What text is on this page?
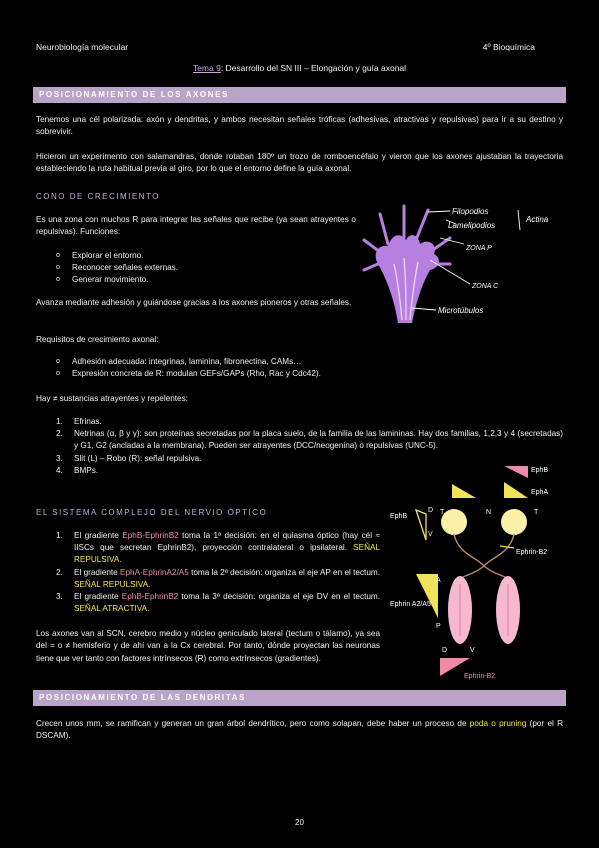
Neurobiología molecular	4º Bioquímica
Tema 9: Desarrollo del SN III – Elongación y guía axonal
POSICIONAMIENTO DE LOS AXONES
Tenemos una cél polarizada: axón y dendritas, y ambos necesitan señales tróficas (adhesivas, atractivas y repulsivas) para ir a su destino y sobrevivir.
Hicieron un experimento con salamandras, donde rotaban 180º un trozo de romboencéfalo y vieron que los axones ajustaban la trayectoria estableciendo la ruta habitual previa al giro, por lo que el entorno define la guía axonal.
CONO DE CRECIMIENTO
Es una zona con muchos R para integrar las señales que recibe (ya sean atrayentes o repulsivas). Funciones:
o Explorar el entorno.
o Reconocer señales externas.
o Generar movimiento.
Avanza mediante adhesión y guiándose gracias a los axones pioneros y otras señales.
Requisitos de crecimiento axonal:
o Adhesión adecuada: integrinas, laminina, fibronectina, CAMs…
o Expresión concreta de R: modulan GEFs/GAPs (Rho, Rac y Cdc42).
Hay ≠ sustancias atrayentes y repelentes:
1. Efrinas.
2. Netrinas (α, β y γ): son proteínas secretadas por la placa suelo, de la familia de las lamininas. Hay dos familias, 1,2,3 y 4 (secretadas) y G1, G2 (ancladas a la membrana). Pueden ser atrayentes (DCC/neogenina) o repulsivas (UNC-5).
3. Slit (L) – Robo (R): señal repulsiva.
4. BMPs.
Filopodios
Lamelipodios
Actina
ZONA P
ZONA C
Microtúbulos
EL SISTEMA COMPLEJO DEL NERVIO ÓPTICO
1. El gradiente EphB-EphrinB2 toma la 1ª decisión: en el quiasma óptico (hay cél ≈ IISCs que secretan EphrinB2), proyección contralateral o ipsilateral. SEÑAL REPULSIVA.
2. El gradiente EphA-EphrinA2/A5 toma la 2ª decisión: organiza el eje AP en el tectum. SEÑAL REPULSIVA.
3. El gradiente EphB-EphrinB2 toma la 3ª decisión: organiza el eje DV en el tectum. SEÑAL ATRACTIVA.
Los axones van al SCN, cerebro medio y núcleo geniculado lateral (tectum o tálamo), ya sea del = o ≠ hemisferio y de ahí van a la Cx cerebral. Por tanto, dónde proyectan las neuronas tiene que ver tanto con factores intrínsecos (R) como extrínsecos (gradientes).
EphB
EphA
EphB
D
V
T	N	T
Ephrin-B2
A
P
Ephrin A2/A5
D	V
Ephrin-B2
POSICIONAMIENTO DE LAS DENDRITAS
Crecen unos mm, se ramifican y generan un gran árbol dendrítico, pero como solapan, debe haber un proceso de poda o pruning (por el R DSCAM).
20
